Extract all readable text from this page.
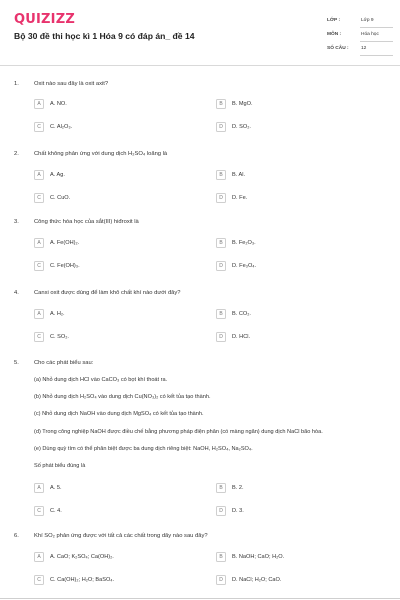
QUIZIZZ
Bộ 30 đề thi học kì 1 Hóa 9 có đáp án_ đề 14
LỚP :	Lớp 9
MÔN :	Hóa học
SỐ CÂU :	12
1.	Oxit nào sau đây là oxit axit?
A	A. NO.	B	B. MgO.
C	C. Al₂O₃.	D	D. SO₂.
2.	Chất không phản ứng với dung dịch H₂SO₄ loãng là
A	A. Ag.	B	B. Al.
C	C. CuO.	D	D. Fe.
3.	Công thức hóa học của sắt(III) hiđroxit là
A	A. Fe(OH)₂.	B	B. Fe₂O₃.
C	C. Fe(OH)₃.	D	D. Fe₃O₄.
4.	Canxi oxit được dùng để làm khô chất khí nào dưới đây?
A	A. H₂.	B	B. CO₂.
C	C. SO₂.	D	D. HCl.
5.	Cho các phát biểu sau:
(a) Nhỏ dung dịch HCl vào CaCO₃ có bọt khí thoát ra.
(b) Nhỏ dung dịch H₂SO₄ vào dung dịch Cu(NO₃)₂ có kết tủa tạo thành.
(c) Nhỏ dung dịch NaOH vào dung dịch MgSO₄ có kết tủa tạo thành.
(d) Trong công nghiệp NaOH được điều chế bằng phương pháp điện phân (có màng ngăn) dung dịch NaCl bão hòa.
(e) Dùng quỳ tím có thể phân biệt được ba dung dịch riêng biệt: NaOH, H₂SO₄, Na₂SO₄.
Số phát biểu đúng là
A	A. 5.	B	B. 2.
C	C. 4.	D	D. 3.
6.	Khí SO₂ phản ứng được với tất cả các chất trong dãy nào sau đây?
A	A. CaO; K₂SO₄; Ca(OH)₂.	B	B. NaOH; CaO; H₂O.
C	C. Ca(OH)₂; H₂O; BaSO₄.	D	D. NaCl; H₂O; CaO.
